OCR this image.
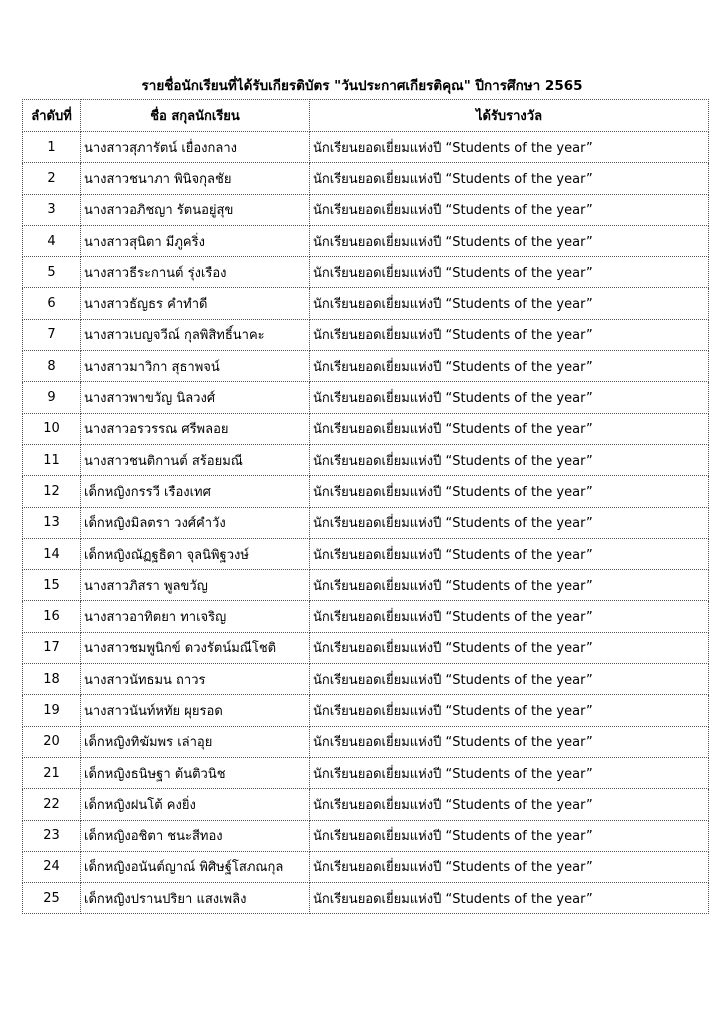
รายชื่อนักเรียนที่ได้รับเกียรติบัตร "วันประกาศเกียรติคุณ" ปีการศึกษา 2565
ลำดับที่	ชื่อ สกุลนักเรียน	ได้รับรางวัล
1	นางสาวสุภารัตน์ เยื่องกลาง	นักเรียนยอดเยี่ยมแห่งปี “Students of the year”
2	นางสาวชนาภา พินิจกุลชัย	นักเรียนยอดเยี่ยมแห่งปี “Students of the year”
3	นางสาวอภิชญา รัตนอยู่สุข	นักเรียนยอดเยี่ยมแห่งปี “Students of the year”
4	นางสาวสุนิตา มีภูคริ่ง	นักเรียนยอดเยี่ยมแห่งปี “Students of the year”
5	นางสาวธีระกานต์ รุ่งเรือง	นักเรียนยอดเยี่ยมแห่งปี “Students of the year”
6	นางสาวธัญธร คำทำดี	นักเรียนยอดเยี่ยมแห่งปี “Students of the year”
7	นางสาวเบญจวีณ์ กุลพิสิทธิ์นาคะ	นักเรียนยอดเยี่ยมแห่งปี “Students of the year”
8	นางสาวมาวิกา สุธาพจน์	นักเรียนยอดเยี่ยมแห่งปี “Students of the year”
9	นางสาวพาขวัญ นิลวงศ์	นักเรียนยอดเยี่ยมแห่งปี “Students of the year”
10	นางสาวอรวรรณ ศรีพลอย	นักเรียนยอดเยี่ยมแห่งปี “Students of the year”
11	นางสาวชนติกานต์ สร้อยมณี	นักเรียนยอดเยี่ยมแห่งปี “Students of the year”
12	เด็กหญิงกรรวี เรืองเทศ	นักเรียนยอดเยี่ยมแห่งปี “Students of the year”
13	เด็กหญิงมิลตรา วงศ์คำวัง	นักเรียนยอดเยี่ยมแห่งปี “Students of the year”
14	เด็กหญิงณัฏฐธิดา จุลนิพิฐวงษ์	นักเรียนยอดเยี่ยมแห่งปี “Students of the year”
15	นางสาวภิสรา พูลขวัญ	นักเรียนยอดเยี่ยมแห่งปี “Students of the year”
16	นางสาวอาทิตยา ทาเจริญ	นักเรียนยอดเยี่ยมแห่งปี “Students of the year”
17	นางสาวชมพูนิกข์ ดวงรัตน์มณีโชติ	นักเรียนยอดเยี่ยมแห่งปี “Students of the year”
18	นางสาวนัทธมน ถาวร	นักเรียนยอดเยี่ยมแห่งปี “Students of the year”
19	นางสาวนันท์หทัย ผุยรอด	นักเรียนยอดเยี่ยมแห่งปี “Students of the year”
20	เด็กหญิงทิฆัมพร เล่าอุย	นักเรียนยอดเยี่ยมแห่งปี “Students of the year”
21	เด็กหญิงธนิษฐา ต้นติวนิช	นักเรียนยอดเยี่ยมแห่งปี “Students of the year”
22	เด็กหญิงฝนโต้ คงยิ่ง	นักเรียนยอดเยี่ยมแห่งปี “Students of the year”
23	เด็กหญิงอชิตา ชนะสีทอง	นักเรียนยอดเยี่ยมแห่งปี “Students of the year”
24	เด็กหญิงอนันต์ญาณ์ พิศิษฐ์โสภณกุล	นักเรียนยอดเยี่ยมแห่งปี “Students of the year”
25	เด็กหญิงปรานปริยา แสงเพลิง	นักเรียนยอดเยี่ยมแห่งปี “Students of the year”
